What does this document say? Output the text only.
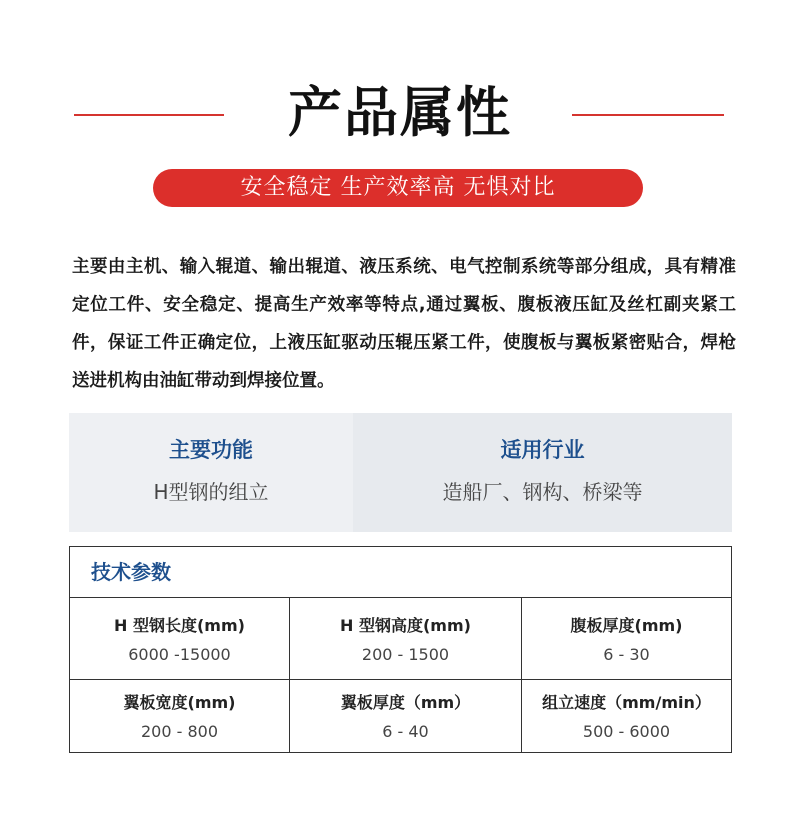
产品属性
安全稳定 生产效率高 无惧对比
主要由主机、输入辊道、输出辊道、液压系统、电气控制系统等部分组成，具有精准定位工件、安全稳定、提高生产效率等特点,通过翼板、腹板液压缸及丝杠副夹紧工件，保证工件正确定位，上液压缸驱动压辊压紧工件，使腹板与翼板紧密贴合，焊枪送进机构由油缸带动到焊接位置。
主要功能
H型钢的组立
适用行业
造船厂、钢构、桥梁等
技术参数
H 型钢长度(mm)
6000 -15000
H 型钢高度(mm)
200 - 1500
腹板厚度(mm)
6 - 30
翼板宽度(mm)
200 - 800
翼板厚度（mm）
6 - 40
组立速度（mm/min）
500 - 6000
